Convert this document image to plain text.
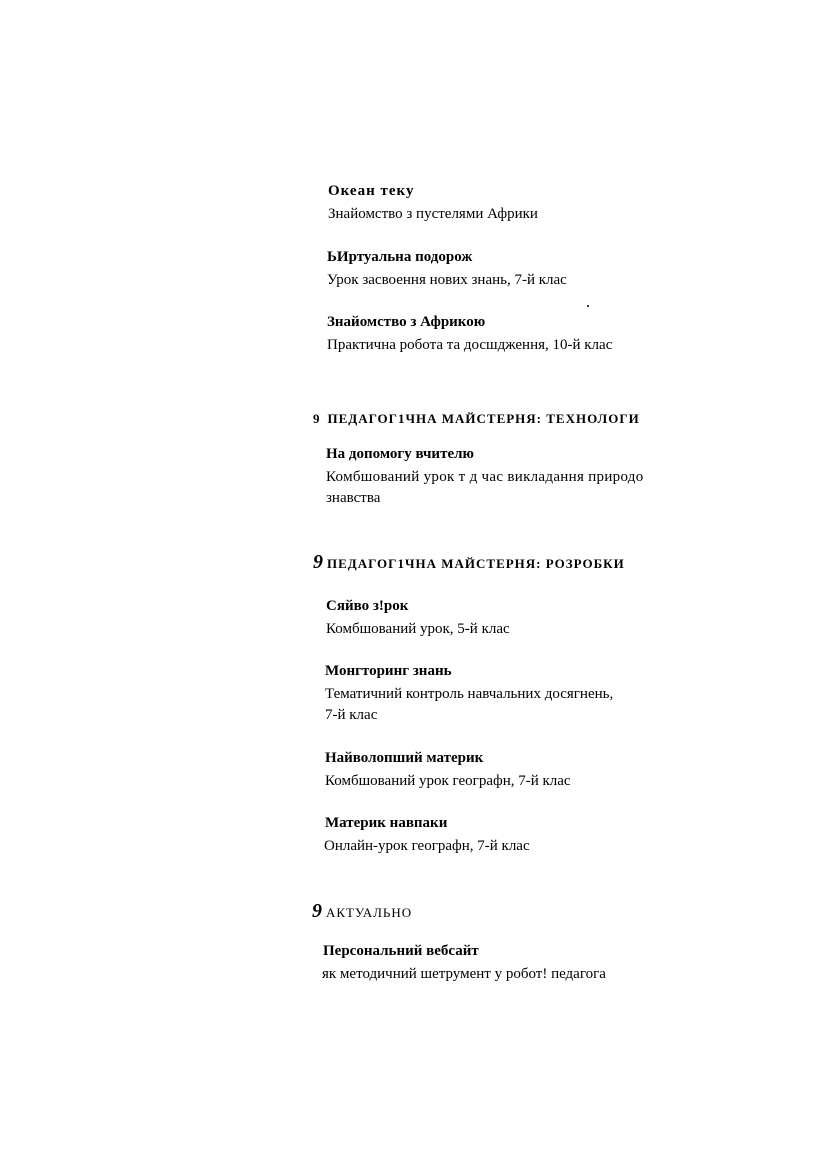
Океан теку
Знайомство з пустелями Африки
ЬИртуальна подорож
Урок засвоення нових знань, 7-й клас
Знайомство з Африкою
Практична робота та досшдження, 10-й клас
9 ПЕДАГОГ1ЧНА МАЙСТЕРНЯ: ТЕХНОЛОГИ
На допомогу вчителю
Комбшований урок т д час викладання природо
знавства
9 ПЕДАГОГ1ЧНА МАЙСТЕРНЯ: РОЗРОБКИ
Сяйво з!рок
Комбшований урок, 5-й клас
Монгторинг знань
Тематичний контроль навчальних досягнень,
7-й клас
Найволопший материк
Комбшований урок географн, 7-й клас
Материк навпаки
Онлайн-урок географн, 7-й клас
9 АКТУАЛЬНО
Персональний вебсайт
як методичний шетрумент у робот! педагога
